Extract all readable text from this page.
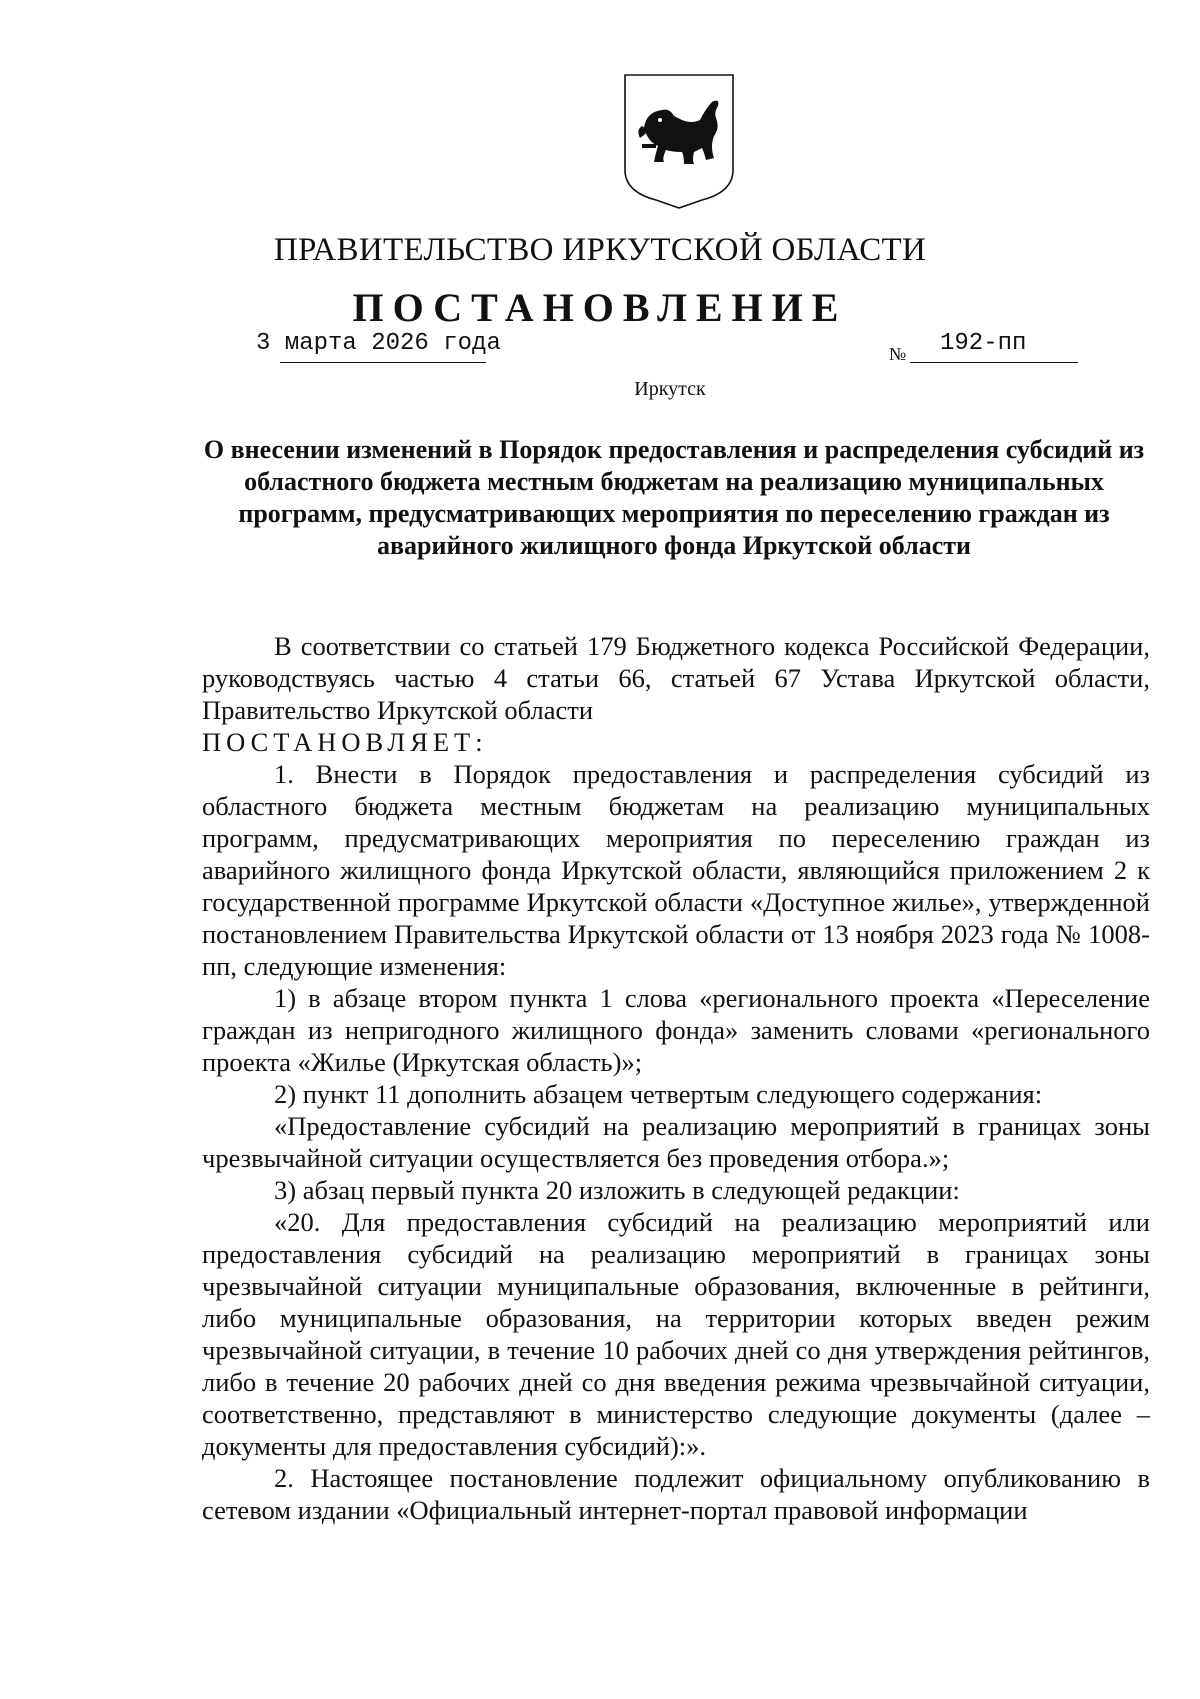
ПРАВИТЕЛЬСТВО ИРКУТСКОЙ ОБЛАСТИ
ПОСТАНОВЛЕНИЕ
3 марта 2026 года	№ 192-пп
Иркутск
О внесении изменений в Порядок предоставления и распределения субсидий из областного бюджета местным бюджетам на реализацию муниципальных программ, предусматривающих мероприятия по переселению граждан из аварийного жилищного фонда Иркутской области

В соответствии со статьей 179 Бюджетного кодекса Российской Федерации, руководствуясь частью 4 статьи 66, статьей 67 Устава Иркутской области, Правительство Иркутской области

ПОСТАНОВЛЯЕТ:

1. Внести в Порядок предоставления и распределения субсидий из областного бюджета местным бюджетам на реализацию муниципальных программ, предусматривающих мероприятия по переселению граждан из аварийного жилищного фонда Иркутской области, являющийся приложением 2 к государственной программе Иркутской области «Доступное жилье», утвержденной постановлением Правительства Иркутской области от 13 ноября 2023 года № 1008-пп, следующие изменения:

1) в абзаце втором пункта 1 слова «регионального проекта «Переселение граждан из непригодного жилищного фонда» заменить словами «регионального проекта «Жилье (Иркутская область)»;

2) пункт 11 дополнить абзацем четвертым следующего содержания:

«Предоставление субсидий на реализацию мероприятий в границах зоны чрезвычайной ситуации осуществляется без проведения отбора.»;

3) абзац первый пункта 20 изложить в следующей редакции:

«20. Для предоставления субсидий на реализацию мероприятий или предоставления субсидий на реализацию мероприятий в границах зоны чрезвычайной ситуации муниципальные образования, включенные в рейтинги, либо муниципальные образования, на территории которых введен режим чрезвычайной ситуации, в течение 10 рабочих дней со дня утверждения рейтингов, либо в течение 20 рабочих дней со дня введения режима чрезвычайной ситуации, соответственно, представляют в министерство следующие документы (далее – документы для предоставления субсидий):».

2. Настоящее постановление подлежит официальному опубликованию в сетевом издании «Официальный интернет-портал правовой информации
